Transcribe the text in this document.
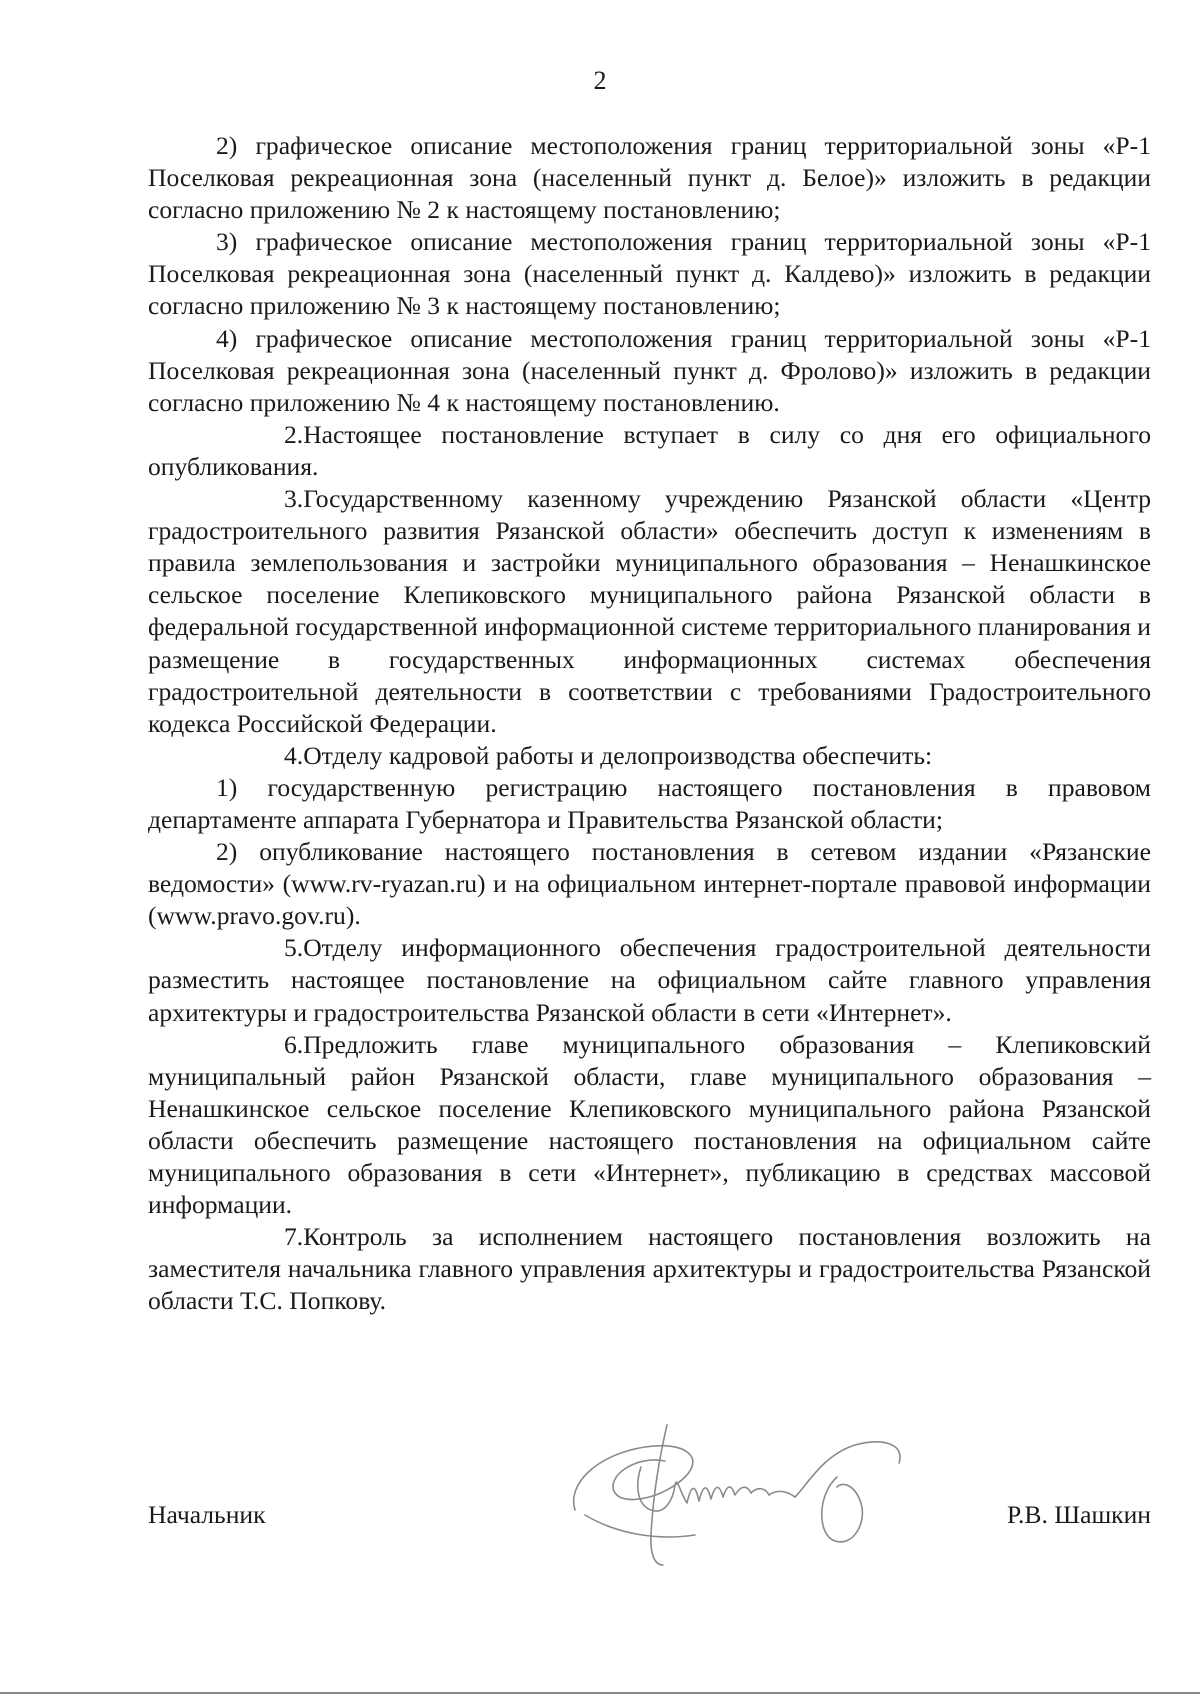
2

2) графическое описание местоположения границ территориальной зоны «Р-1 Поселковая рекреационная зона (населенный пункт д. Белое)» изложить в редакции согласно приложению № 2 к настоящему постановлению;

3) графическое описание местоположения границ территориальной зоны «Р-1 Поселковая рекреационная зона (населенный пункт д. Калдево)» изложить в редакции согласно приложению № 3 к настоящему постановлению;

4) графическое описание местоположения границ территориальной зоны «Р-1 Поселковая рекреационная зона (населенный пункт д. Фролово)» изложить в редакции согласно приложению № 4 к настоящему постановлению.

2.Настоящее постановление вступает в силу со дня его официального опубликования.

3.Государственному казенному учреждению Рязанской области «Центр градостроительного развития Рязанской области» обеспечить доступ к изменениям в правила землепользования и застройки муниципального образования – Ненашкинское сельское поселение Клепиковского муниципального района Рязанской области в федеральной государственной информационной системе территориального планирования и размещение в государственных информационных системах обеспечения градостроительной деятельности в соответствии с требованиями Градостроительного кодекса Российской Федерации.

4.Отделу кадровой работы и делопроизводства обеспечить:

1) государственную регистрацию настоящего постановления в правовом департаменте аппарата Губернатора и Правительства Рязанской области;

2) опубликование настоящего постановления в сетевом издании «Рязанские ведомости» (www.rv-ryazan.ru) и на официальном интернет-портале правовой информации (www.pravo.gov.ru).

5.Отделу информационного обеспечения градостроительной деятельности разместить настоящее постановление на официальном сайте главного управления архитектуры и градостроительства Рязанской области в сети «Интернет».

6.Предложить главе муниципального образования – Клепиковский муниципальный район Рязанской области, главе муниципального образования – Ненашкинское сельское поселение Клепиковского муниципального района Рязанской области обеспечить размещение настоящего постановления на официальном сайте муниципального образования в сети «Интернет», публикацию в средствах массовой информации.

7.Контроль за исполнением настоящего постановления возложить на заместителя начальника главного управления архитектуры и градостроительства Рязанской области Т.С. Попкову.

Начальник	Р.В. Шашкин
